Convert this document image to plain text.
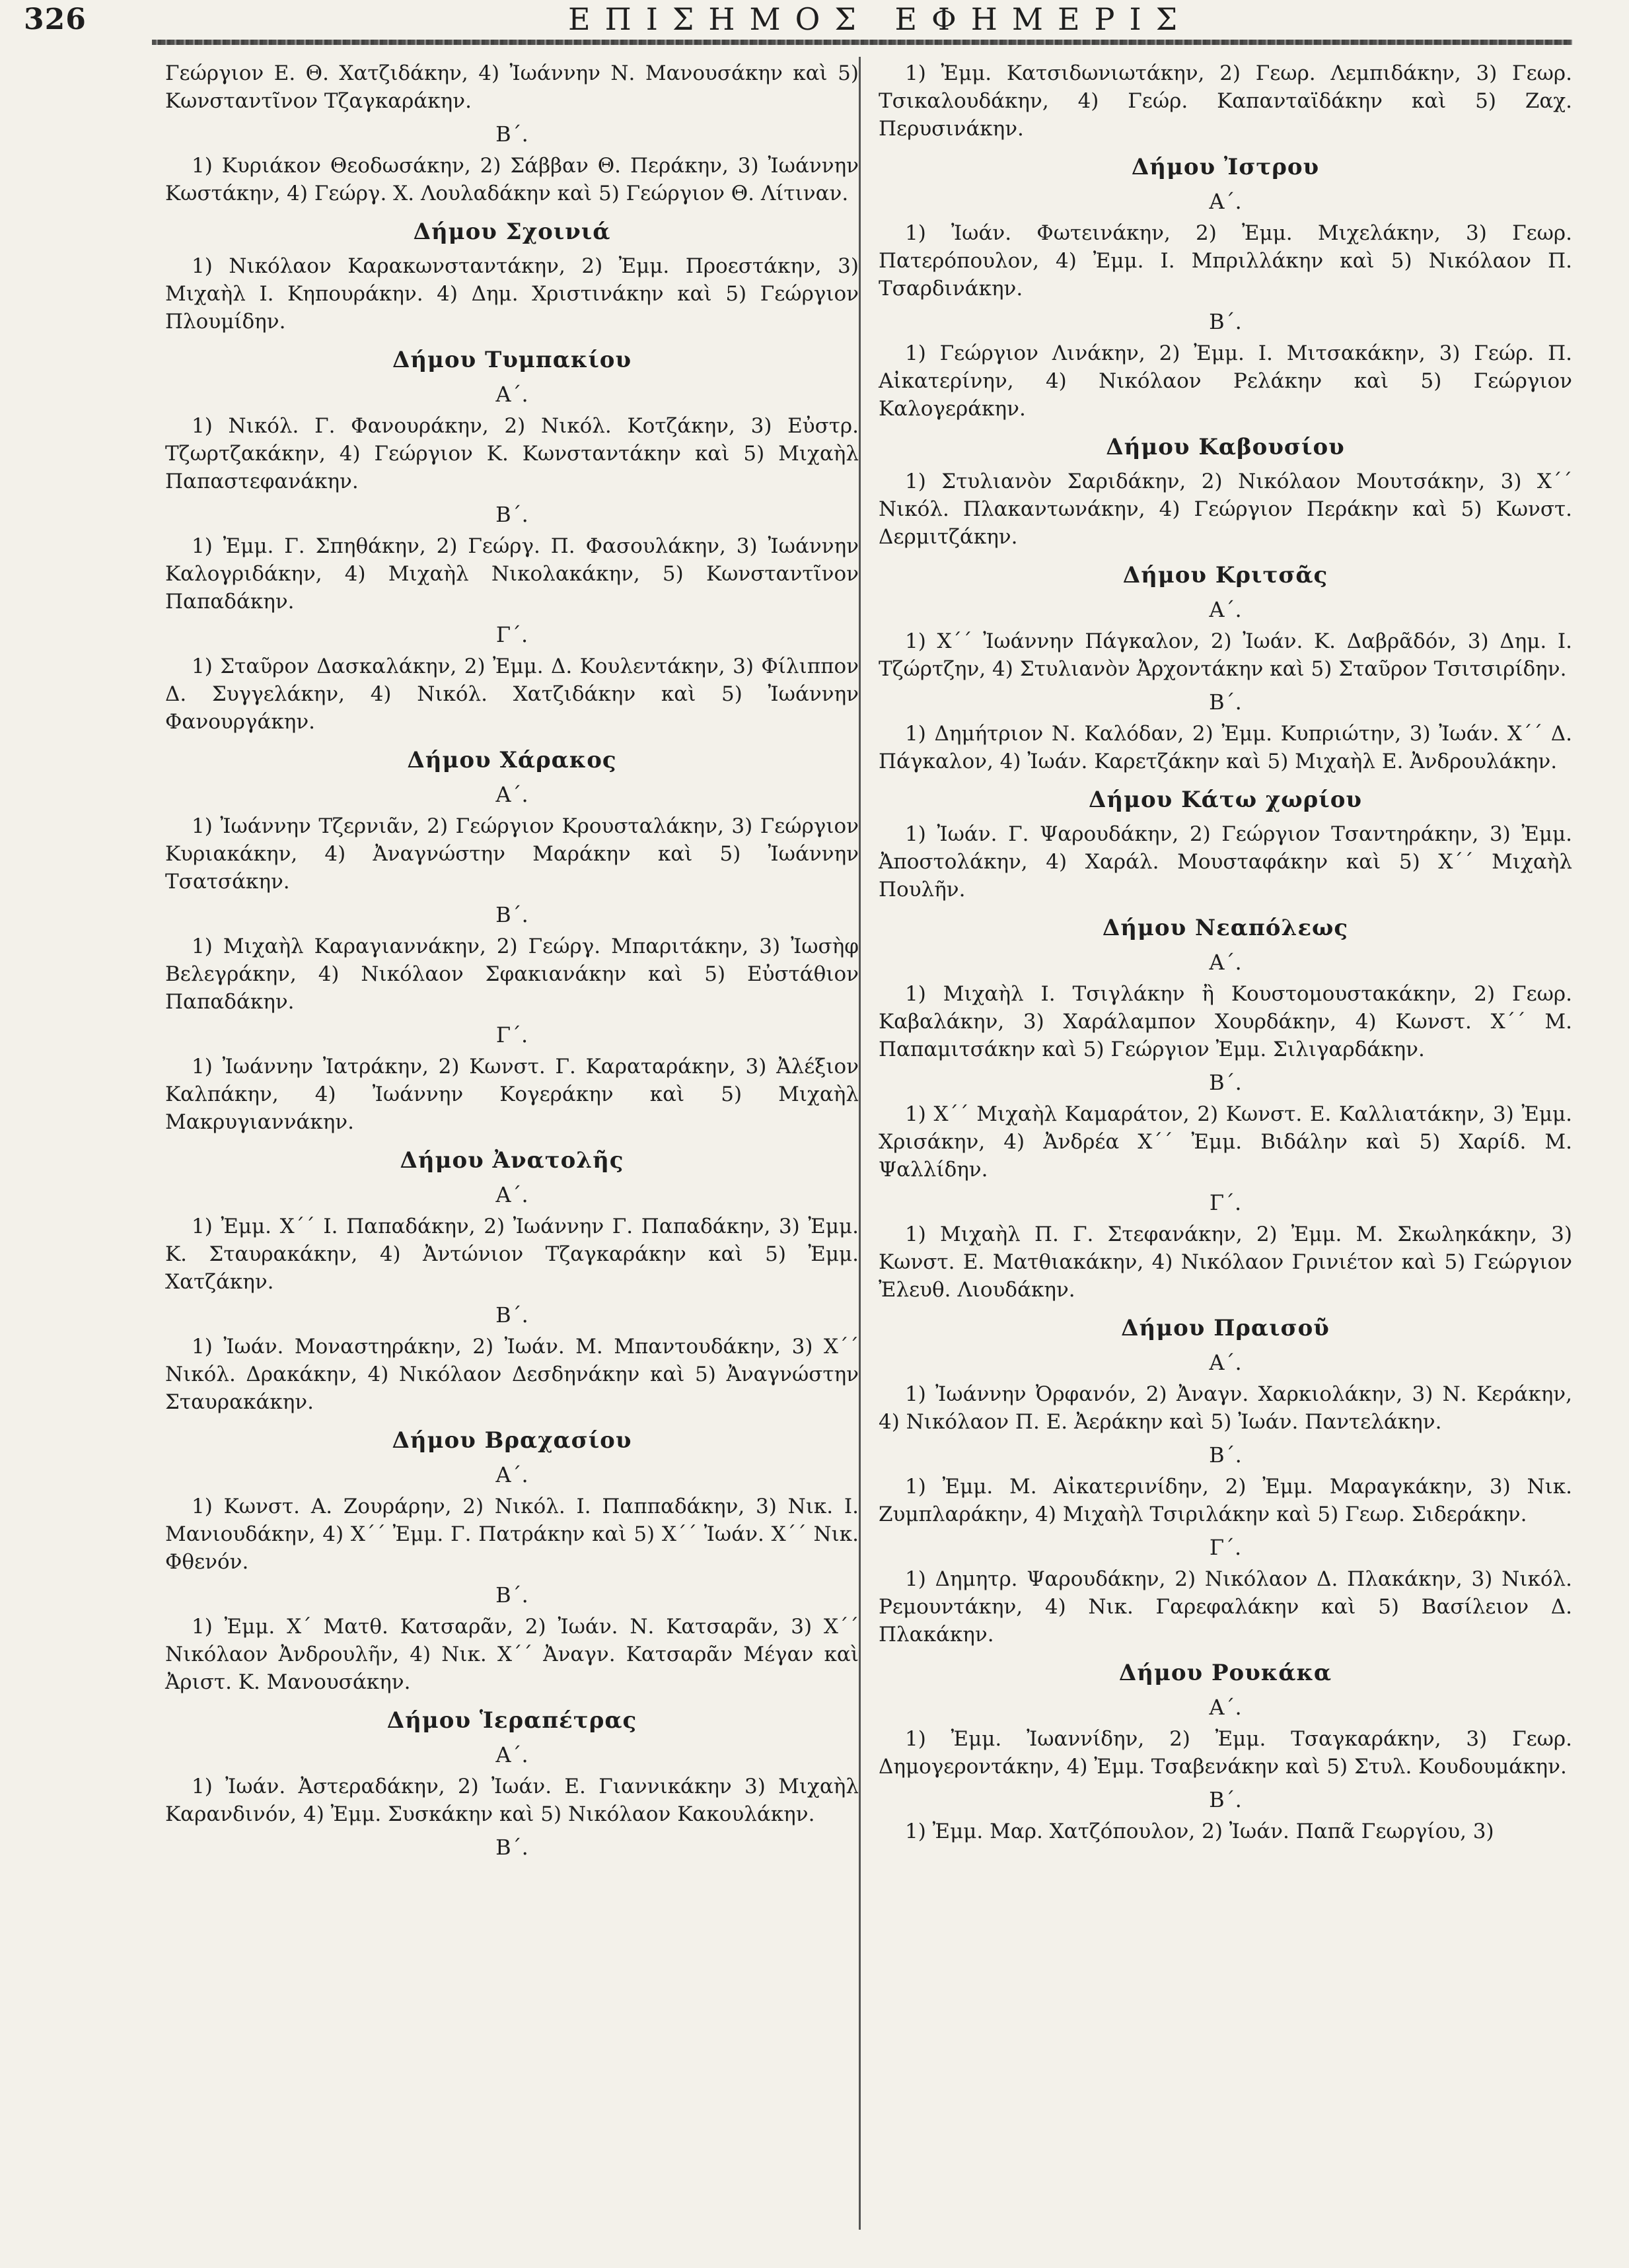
326	ΕΠΙΣΗΜΟΣ ΕΦΗΜΕΡΙΣ

Γεώργιον Ε. Θ. Χατζιδάκην, 4) Ἰωάννην Ν. Μανουσάκην καὶ 5) Κωνσταντῖνον Τζαγκαράκην.

Β΄.

1) Κυριάκον Θεοδωσάκην, 2) Σάββαν Θ. Περάκην, 3) Ἰωάννην Κωστάκην, 4) Γεώργ. Χ. Λουλαδάκην καὶ 5) Γεώργιον Θ. Λίτιναν.

Δήμου Σχοινιά

1) Νικόλαον Καρακωνσταντάκην, 2) Ἐμμ. Προεστάκην, 3) Μιχαὴλ Ι. Κηπουράκην. 4) Δημ. Χριστινάκην καὶ 5) Γεώργιον Πλουμίδην.

Δήμου Τυμπακίου
Α΄.

1) Νικόλ. Γ. Φανουράκην, 2) Νικόλ. Κοτζάκην, 3) Εὐστρ. Τζωρτζακάκην, 4) Γεώργιον Κ. Κωνσταντάκην καὶ 5) Μιχαὴλ Παπαστεφανάκην.

Β΄.

1) Ἐμμ. Γ. Σπηθάκην, 2) Γεώργ. Π. Φασουλάκην, 3) Ἰωάννην Καλογριδάκην, 4) Μιχαὴλ Νικολακάκην, 5) Κωνσταντῖνον Παπαδάκην.

Γ΄.

1) Σταῦρον Δασκαλάκην, 2) Ἐμμ. Δ. Κουλεντάκην, 3) Φίλιππον Δ. Συγγελάκην, 4) Νικόλ. Χατζιδάκην καὶ 5) Ἰωάννην Φανουργάκην.

Δήμου Χάρακος
Α΄.

1) Ἰωάννην Τζερνιᾶν, 2) Γεώργιον Κρουσταλάκην, 3) Γεώργιον Κυριακάκην, 4) Ἀναγνώστην Μαράκην καὶ 5) Ἰωάννην Τσατσάκην.

Β΄.

1) Μιχαὴλ Καραγιαννάκην, 2) Γεώργ. Μπαριτάκην, 3) Ἰωσὴφ Βελεγράκην, 4) Νικόλαον Σφακιανάκην καὶ 5) Εὐστάθιον Παπαδάκην.

Γ΄.

1) Ἰωάννην Ἰατράκην, 2) Κωνστ. Γ. Καραταράκην, 3) Ἀλέξιον Καλπάκην, 4) Ἰωάννην Κογεράκην καὶ 5) Μιχαὴλ Μακρυγιαννάκην.

Δήμου Ἀνατολῆς
Α΄.

1) Ἐμμ. Χ΄΄ Ι. Παπαδάκην, 2) Ἰωάννην Γ. Παπαδάκην, 3) Ἐμμ. Κ. Σταυρακάκην, 4) Ἀντώνιον Τζαγκαράκην καὶ 5) Ἐμμ. Χατζάκην.

Β΄.

1) Ἰωάν. Μοναστηράκην, 2) Ἰωάν. Μ. Μπαντουδάκην, 3) Χ΄΄ Νικόλ. Δρακάκην, 4) Νικόλαον Δεσδηνάκην καὶ 5) Ἀναγνώστην Σταυρακάκην.

Δήμου Βραχασίου
Α΄.

1) Κωνστ. Α. Ζουράρην, 2) Νικόλ. Ι. Παππαδάκην, 3) Νικ. Ι. Μανιουδάκην, 4) Χ΄΄ Ἐμμ. Γ. Πατράκην καὶ 5) Χ΄΄ Ἰωάν. Χ΄΄ Νικ. Φθενόν.

Β΄.

1) Ἐμμ. Χ΄ Ματθ. Κατσαρᾶν, 2) Ἰωάν. Ν. Κατσαρᾶν, 3) Χ΄΄ Νικόλαον Ἀνδρουλῆν, 4) Νικ. Χ΄΄ Ἀναγν. Κατσαρᾶν Μέγαν καὶ Ἀριστ. Κ. Μανουσάκην.

Δήμου Ἱεραπέτρας
Α΄.

1) Ἰωάν. Ἀστεραδάκην, 2) Ἰωάν. Ε. Γιαννικάκην 3) Μιχαὴλ Καρανδινόν, 4) Ἐμμ. Συσκάκην καὶ 5) Νικόλαον Κακουλάκην.

Β΄.

1) Ἐμμ. Κατσιδωνιωτάκην, 2) Γεωρ. Λεμπιδάκην, 3) Γεωρ. Τσικαλουδάκην, 4) Γεώρ. Καπανταϊδάκην καὶ 5) Ζαχ. Περυσινάκην.

Δήμου Ἰστρου
Α΄.

1) Ἰωάν. Φωτεινάκην, 2) Ἐμμ. Μιχελάκην, 3) Γεωρ. Πατερόπουλον, 4) Ἐμμ. Ι. Μπριλλάκην καὶ 5) Νικόλαον Π. Τσαρδινάκην.

Β΄.

1) Γεώργιον Λινάκην, 2) Ἐμμ. Ι. Μιτσακάκην, 3) Γεώρ. Π. Αἰκατερίνην, 4) Νικόλαον Ρελάκην καὶ 5) Γεώργιον Καλογεράκην.

Δήμου Καβουσίου

1) Στυλιανὸν Σαριδάκην, 2) Νικόλαον Μουτσάκην, 3) Χ΄΄ Νικόλ. Πλακαντωνάκην, 4) Γεώργιον Περάκην καὶ 5) Κωνστ. Δερμιτζάκην.

Δήμου Κριτσᾶς
Α΄.

1) Χ΄΄ Ἰωάννην Πάγκαλον, 2) Ἰωάν. Κ. Δαβρᾶδόν, 3) Δημ. Ι. Τζώρτζην, 4) Στυλιανὸν Ἀρχοντάκην καὶ 5) Σταῦρον Τσιτσιρίδην.

Β΄.

1) Δημήτριον Ν. Καλόδαν, 2) Ἐμμ. Κυπριώτην, 3) Ἰωάν. Χ΄΄ Δ. Πάγκαλον, 4) Ἰωάν. Καρετζάκην καὶ 5) Μιχαὴλ Ε. Ἀνδρουλάκην.

Δήμου Κάτω χωρίου

1) Ἰωάν. Γ. Ψαρουδάκην, 2) Γεώργιον Τσαντηράκην, 3) Ἐμμ. Ἀποστολάκην, 4) Χαράλ. Μουσταφάκην καὶ 5) Χ΄΄ Μιχαὴλ Πουλῆν.

Δήμου Νεαπόλεως
Α΄.

1) Μιχαὴλ Ι. Τσιγλάκην ἢ Κουστομουστακάκην, 2) Γεωρ. Καβαλάκην, 3) Χαράλαμπον Χουρδάκην, 4) Κωνστ. Χ΄΄ Μ. Παπαμιτσάκην καὶ 5) Γεώργιον Ἐμμ. Σιλιγαρδάκην.

Β΄.

1) Χ΄΄ Μιχαὴλ Καμαράτον, 2) Κωνστ. Ε. Καλλιατάκην, 3) Ἐμμ. Χρισάκην, 4) Ἀνδρέα Χ΄΄ Ἐμμ. Βιδάλην καὶ 5) Χαρίδ. Μ. Ψαλλίδην.

Γ΄.

1) Μιχαὴλ Π. Γ. Στεφανάκην, 2) Ἐμμ. Μ. Σκωληκάκην, 3) Κωνστ. Ε. Ματθιακάκην, 4) Νικόλαον Γρινιέτον καὶ 5) Γεώργιον Ἐλευθ. Λιουδάκην.

Δήμου Πραισοῦ
Α΄.

1) Ἰωάννην Ὀρφανόν, 2) Ἀναγν. Χαρκιολάκην, 3) Ν. Κεράκην, 4) Νικόλαον Π. Ε. Ἀεράκην καὶ 5) Ἰωάν. Παντελάκην.

Β΄.

1) Ἐμμ. Μ. Αἰκατερινίδην, 2) Ἐμμ. Μαραγκάκην, 3) Νικ. Ζυμπλαράκην, 4) Μιχαὴλ Τσιριλάκην καὶ 5) Γεωρ. Σιδεράκην.

Γ΄.

1) Δημητρ. Ψαρουδάκην, 2) Νικόλαον Δ. Πλακάκην, 3) Νικόλ. Ρεμουντάκην, 4) Νικ. Γαρεφαλάκην καὶ 5) Βασίλειον Δ. Πλακάκην.

Δήμου Ρουκάκα
Α΄.

1) Ἐμμ. Ἰωαννίδην, 2) Ἐμμ. Τσαγκαράκην, 3) Γεωρ. Δημογεροντάκην, 4) Ἐμμ. Τσαβενάκην καὶ 5) Στυλ. Κουδουμάκην.

Β΄.

1) Ἐμμ. Μαρ. Χατζόπουλον, 2) Ἰωάν. Παπᾶ Γεωργίου, 3)
